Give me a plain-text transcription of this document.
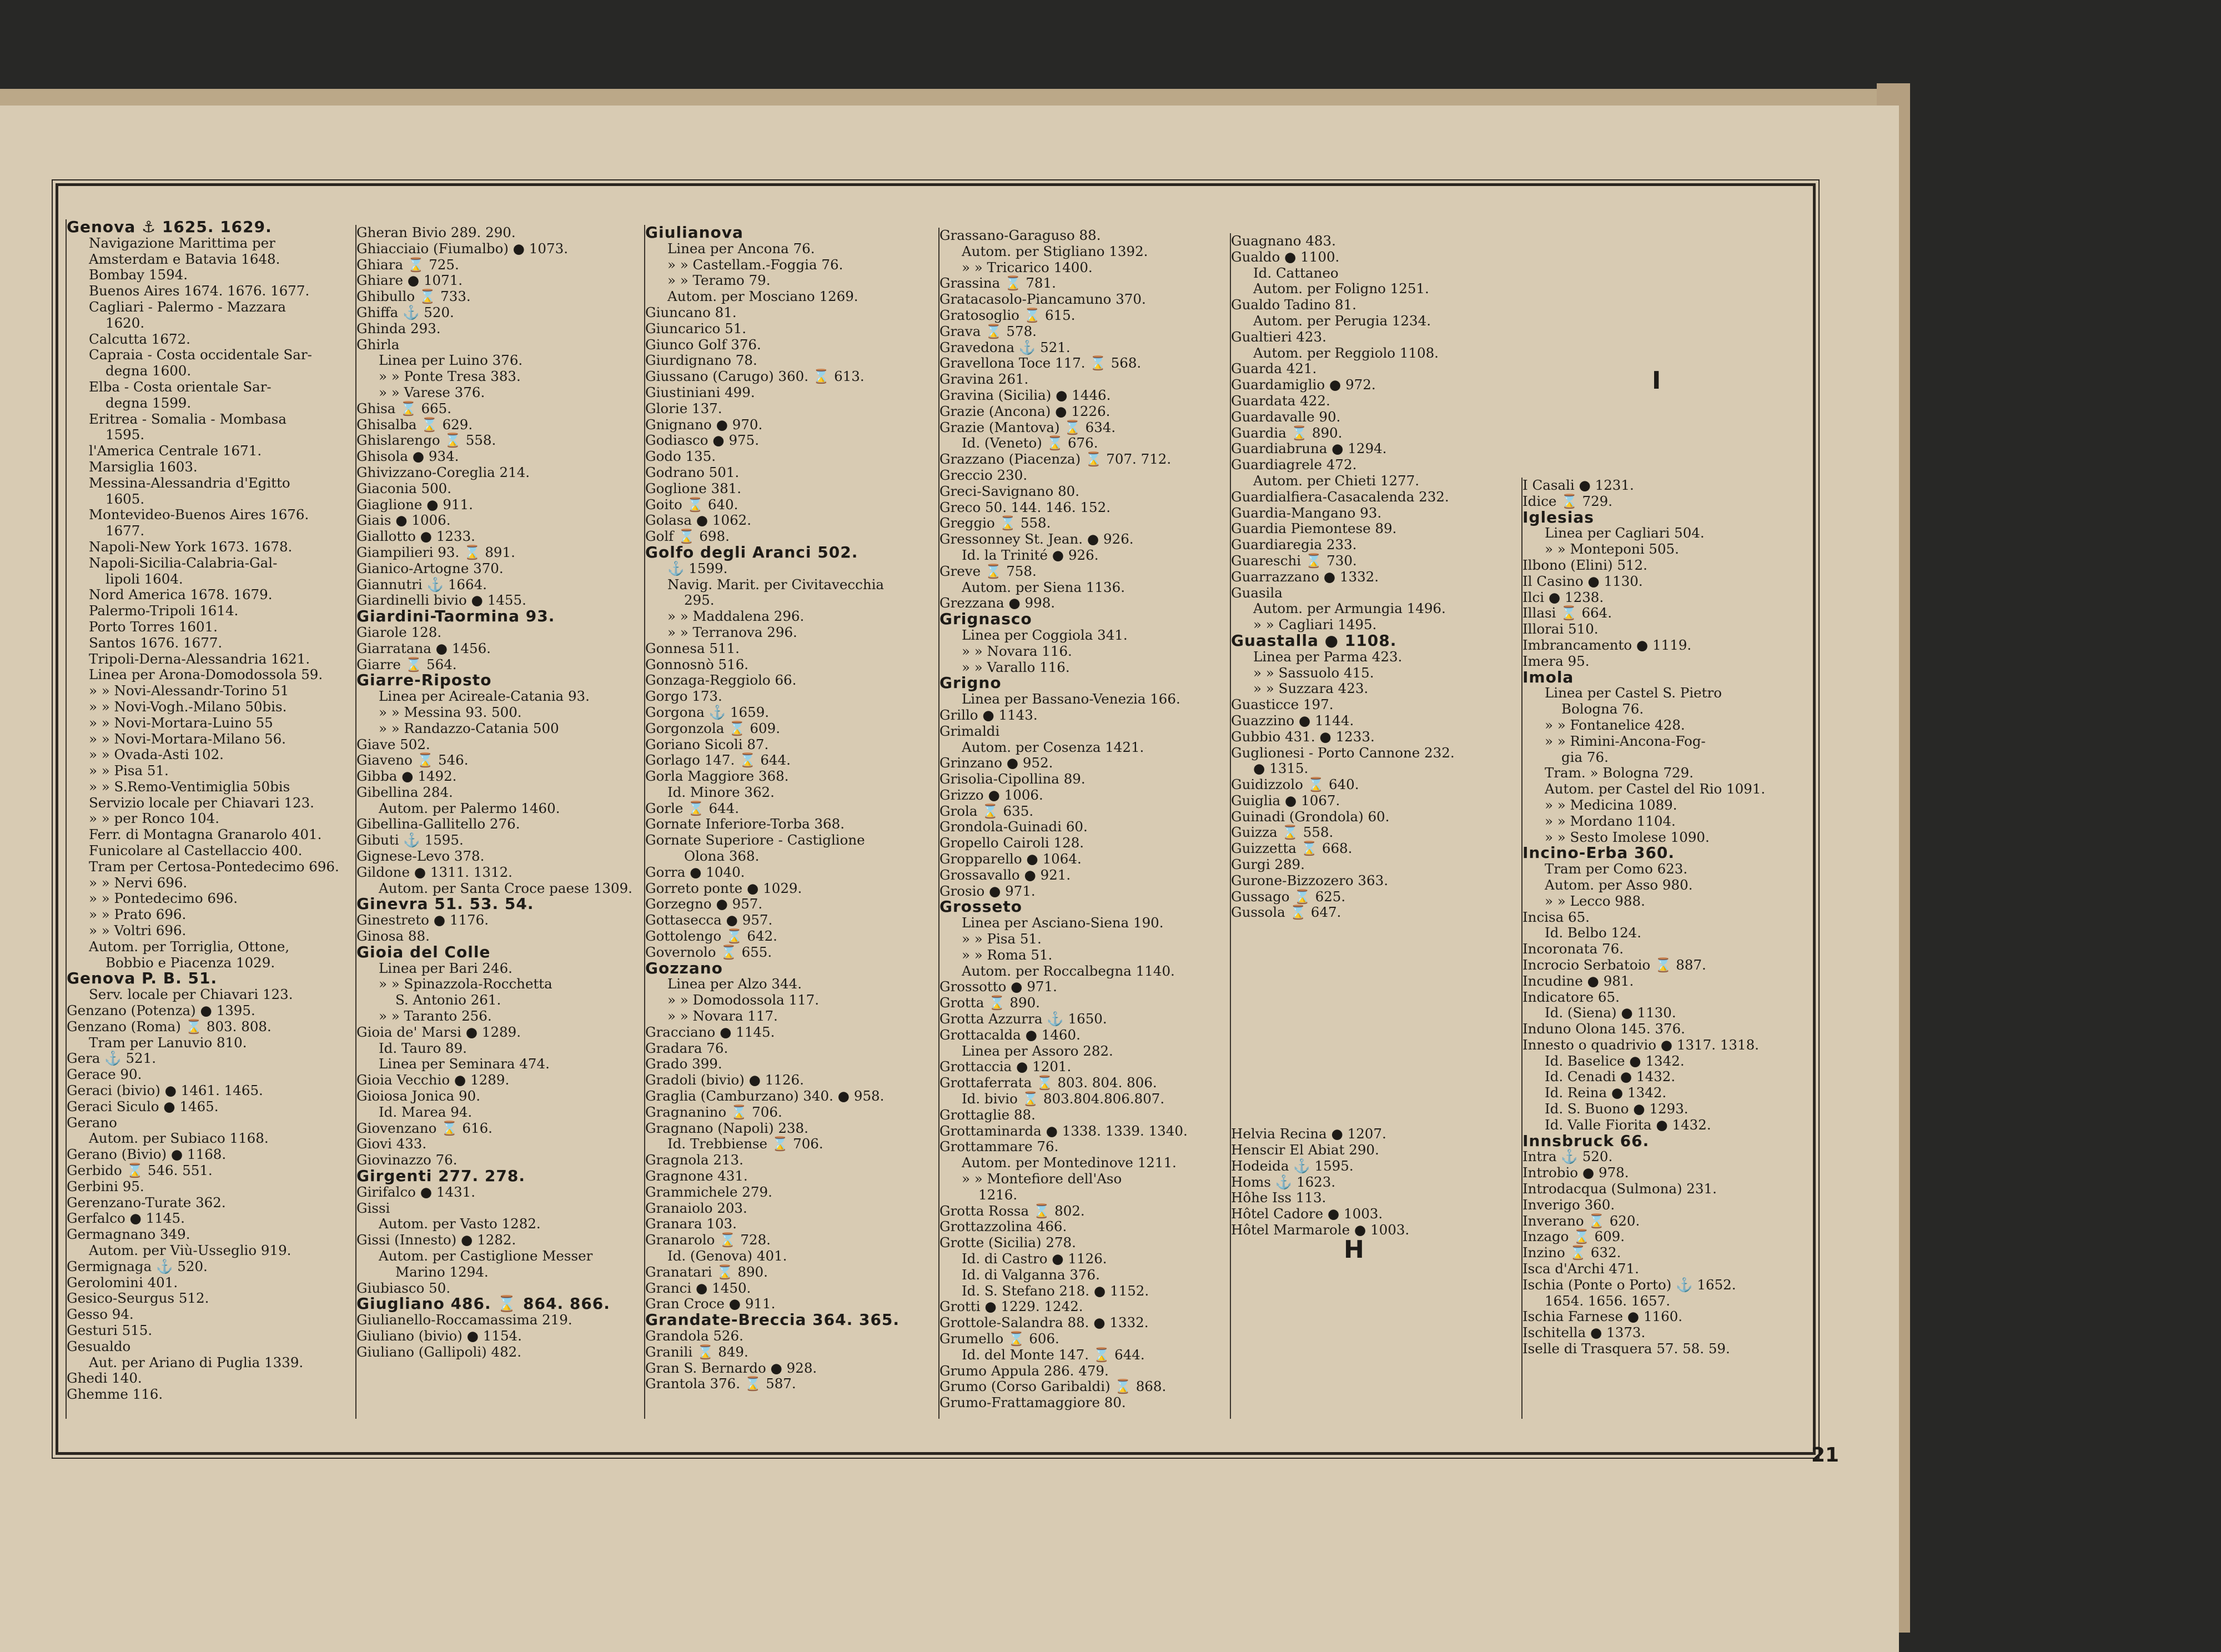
Genova ⚓ 1625. 1629.
Navigazione Marittima per
Amsterdam e Batavia 1648.
Bombay 1594.
Buenos Aires 1674. 1676. 1677.
Cagliari - Palermo - Mazzara
1620.
Calcutta 1672.
Capraia - Costa occidentale Sar-
degna 1600.
Elba - Costa orientale Sar-
degna 1599.
Eritrea - Somalia - Mombasa
1595.
l'America Centrale 1671.
Marsiglia 1603.
Messina-Alessandria d'Egitto
1605.
Montevideo-Buenos Aires 1676.
1677.
Napoli-New York 1673. 1678.
Napoli-Sicilia-Calabria-Gal-
lipoli 1604.
Nord America 1678. 1679.
Palermo-Tripoli 1614.
Porto Torres 1601.
Santos 1676. 1677.
Tripoli-Derna-Alessandria 1621.
Linea per Arona-Domodossola 59.
» » Novi-Alessandr-Torino 51
» » Novi-Vogh.-Milano 50bis.
» » Novi-Mortara-Luino 55
» » Novi-Mortara-Milano 56.
» » Ovada-Asti 102.
» » Pisa 51.
» » S.Remo-Ventimiglia 50bis
Servizio locale per Chiavari 123.
» » per Ronco 104.
Ferr. di Montagna Granarolo 401.
Funicolare al Castellaccio 400.
Tram per Certosa-Pontedecimo 696.
» » Nervi 696.
» » Pontedecimo 696.
» » Prato 696.
» » Voltri 696.
Autom. per Torriglia, Ottone,
Bobbio e Piacenza 1029.
Genova P. B. 51.
Serv. locale per Chiavari 123.
Genzano (Potenza) ● 1395.
Genzano (Roma) ⌛ 803. 808.
Tram per Lanuvio 810.
Gera ⚓ 521.
Gerace 90.
Geraci (bivio) ● 1461. 1465.
Geraci Siculo ● 1465.
Gerano
Autom. per Subiaco 1168.
Gerano (Bivio) ● 1168.
Gerbido ⌛ 546. 551.
Gerbini 95.
Gerenzano-Turate 362.
Gerfalco ● 1145.
Germagnano 349.
Autom. per Viù-Usseglio 919.
Germignaga ⚓ 520.
Gerolomini 401.
Gesico-Seurgus 512.
Gesso 94.
Gesturi 515.
Gesualdo
Aut. per Ariano di Puglia 1339.
Ghedi 140.
Ghemme 116.
Gheran Bivio 289. 290.
Ghiacciaio (Fiumalbo) ● 1073.
Ghiara ⌛ 725.
Ghiare ● 1071.
Ghibullo ⌛ 733.
Ghiffa ⚓ 520.
Ghinda 293.
Ghirla
Linea per Luino 376.
» » Ponte Tresa 383.
» » Varese 376.
Ghisa ⌛ 665.
Ghisalba ⌛ 629.
Ghislarengo ⌛ 558.
Ghisola ● 934.
Ghivizzano-Coreglia 214.
Giaconia 500.
Giaglione ● 911.
Giais ● 1006.
Giallotto ● 1233.
Giampilieri 93. ⌛ 891.
Gianico-Artogne 370.
Giannutri ⚓ 1664.
Giardinelli bivio ● 1455.
Giardini-Taormina 93.
Giarole 128.
Giarratana ● 1456.
Giarre ⌛ 564.
Giarre-Riposto
Linea per Acireale-Catania 93.
» » Messina 93. 500.
» » Randazzo-Catania 500
Giave 502.
Giaveno ⌛ 546.
Gibba ● 1492.
Gibellina 284.
Autom. per Palermo 1460.
Gibellina-Gallitello 276.
Gibuti ⚓ 1595.
Gignese-Levo 378.
Gildone ● 1311. 1312.
Autom. per Santa Croce paese 1309.
Ginevra 51. 53. 54.
Ginestreto ● 1176.
Ginosa 88.
Gioia del Colle
Linea per Bari 246.
» » Spinazzola-Rocchetta
S. Antonio 261.
» » Taranto 256.
Gioia de' Marsi ● 1289.
Id. Tauro 89.
Linea per Seminara 474.
Gioia Vecchio ● 1289.
Gioiosa Jonica 90.
Id. Marea 94.
Giovenzano ⌛ 616.
Giovi 433.
Giovinazzo 76.
Girgenti 277. 278.
Girifalco ● 1431.
Gissi
Autom. per Vasto 1282.
Gissi (Innesto) ● 1282.
Autom. per Castiglione Messer
Marino 1294.
Giubiasco 50.
Giugliano 486. ⌛ 864. 866.
Giulianello-Roccamassima 219.
Giuliano (bivio) ● 1154.
Giuliano (Gallipoli) 482.
Giulianova
Linea per Ancona 76.
» » Castellam.-Foggia 76.
» » Teramo 79.
Autom. per Mosciano 1269.
Giuncano 81.
Giuncarico 51.
Giunco Golf 376.
Giurdignano 78.
Giussano (Carugo) 360. ⌛ 613.
Giustiniani 499.
Glorie 137.
Gnignano ● 970.
Godiasco ● 975.
Godo 135.
Godrano 501.
Goglione 381.
Goito ⌛ 640.
Golasa ● 1062.
Golf ⌛ 698.
Golfo degli Aranci 502.
⚓ 1599.
Navig. Marit. per Civitavecchia
295.
» » Maddalena 296.
» » Terranova 296.
Gonnesa 511.
Gonnosnò 516.
Gonzaga-Reggiolo 66.
Gorgo 173.
Gorgona ⚓ 1659.
Gorgonzola ⌛ 609.
Goriano Sicoli 87.
Gorlago 147. ⌛ 644.
Gorla Maggiore 368.
Id. Minore 362.
Gorle ⌛ 644.
Gornate Inferiore-Torba 368.
Gornate Superiore - Castiglione
Olona 368.
Gorra ● 1040.
Gorreto ponte ● 1029.
Gorzegno ● 957.
Gottasecca ● 957.
Gottolengo ⌛ 642.
Governolo ⌛ 655.
Gozzano
Linea per Alzo 344.
» » Domodossola 117.
» » Novara 117.
Gracciano ● 1145.
Gradara 76.
Grado 399.
Gradoli (bivio) ● 1126.
Graglia (Camburzano) 340. ● 958.
Gragnanino ⌛ 706.
Gragnano (Napoli) 238.
Id. Trebbiense ⌛ 706.
Gragnola 213.
Gragnone 431.
Grammichele 279.
Granaiolo 203.
Granara 103.
Granarolo ⌛ 728.
Id. (Genova) 401.
Granatari ⌛ 890.
Granci ● 1450.
Gran Croce ● 911.
Grandate-Breccia 364. 365.
Grandola 526.
Granili ⌛ 849.
Gran S. Bernardo ● 928.
Grantola 376. ⌛ 587.
Grassano-Garaguso 88.
Autom. per Stigliano 1392.
» » Tricarico 1400.
Grassina ⌛ 781.
Gratacasolo-Piancamuno 370.
Gratosoglio ⌛ 615.
Grava ⌛ 578.
Gravedona ⚓ 521.
Gravellona Toce 117. ⌛ 568.
Gravina 261.
Gravina (Sicilia) ● 1446.
Grazie (Ancona) ● 1226.
Grazie (Mantova) ⌛ 634.
Id. (Veneto) ⌛ 676.
Grazzano (Piacenza) ⌛ 707. 712.
Greccio 230.
Greci-Savignano 80.
Greco 50. 144. 146. 152.
Greggio ⌛ 558.
Gressonney St. Jean. ● 926.
Id. la Trinité ● 926.
Greve ⌛ 758.
Autom. per Siena 1136.
Grezzana ● 998.
Grignasco
Linea per Coggiola 341.
» » Novara 116.
» » Varallo 116.
Grigno
Linea per Bassano-Venezia 166.
Grillo ● 1143.
Grimaldi
Autom. per Cosenza 1421.
Grinzano ● 952.
Grisolia-Cipollina 89.
Grizzo ● 1006.
Grola ⌛ 635.
Grondola-Guinadi 60.
Gropello Cairoli 128.
Gropparello ● 1064.
Grossavallo ● 921.
Grosio ● 971.
Grosseto
Linea per Asciano-Siena 190.
» » Pisa 51.
» » Roma 51.
Autom. per Roccalbegna 1140.
Grossotto ● 971.
Grotta ⌛ 890.
Grotta Azzurra ⚓ 1650.
Grottacalda ● 1460.
Linea per Assoro 282.
Grottaccia ● 1201.
Grottaferrata ⌛ 803. 804. 806.
Id. bivio ⌛ 803.804.806.807.
Grottaglie 88.
Grottaminarda ● 1338. 1339. 1340.
Grottammare 76.
Autom. per Montedinove 1211.
» » Montefiore dell'Aso
1216.
Grotta Rossa ⌛ 802.
Grottazzolina 466.
Grotte (Sicilia) 278.
Id. di Castro ● 1126.
Id. di Valganna 376.
Id. S. Stefano 218. ● 1152.
Grotti ● 1229. 1242.
Grottole-Salandra 88. ● 1332.
Grumello ⌛ 606.
Id. del Monte 147. ⌛ 644.
Grumo Appula 286. 479.
Grumo (Corso Garibaldi) ⌛ 868.
Grumo-Frattamaggiore 80.
Guagnano 483.
Gualdo ● 1100.
Id. Cattaneo
Autom. per Foligno 1251.
Gualdo Tadino 81.
Autom. per Perugia 1234.
Gualtieri 423.
Autom. per Reggiolo 1108.
Guarda 421.
Guardamiglio ● 972.
Guardata 422.
Guardavalle 90.
Guardia ⌛ 890.
Guardiabruna ● 1294.
Guardiagrele 472.
Autom. per Chieti 1277.
Guardialfiera-Casacalenda 232.
Guardia-Mangano 93.
Guardia Piemontese 89.
Guardiaregia 233.
Guareschi ⌛ 730.
Guarrazzano ● 1332.
Guasila
Autom. per Armungia 1496.
» » Cagliari 1495.
Guastalla ● 1108.
Linea per Parma 423.
» » Sassuolo 415.
» » Suzzara 423.
Guasticce 197.
Guazzino ● 1144.
Gubbio 431. ● 1233.
Guglionesi - Porto Cannone 232.
● 1315.
Guidizzolo ⌛ 640.
Guiglia ● 1067.
Guinadi (Grondola) 60.
Guizza ⌛ 558.
Guizzetta ⌛ 668.
Gurgi 289.
Gurone-Bizzozero 363.
Gussago ⌛ 625.
Gussola ⌛ 647.
Helvia Recina ● 1207.
Henscir El Abiat 290.
Hodeida ⚓ 1595.
Homs ⚓ 1623.
Hôhe Iss 113.
Hôtel Cadore ● 1003.
Hôtel Marmarole ● 1003.
I Casali ● 1231.
Idice ⌛ 729.
Iglesias
Linea per Cagliari 504.
» » Monteponi 505.
Ilbono (Elini) 512.
Il Casino ● 1130.
Ilci ● 1238.
Illasi ⌛ 664.
Illorai 510.
Imbrancamento ● 1119.
Imera 95.
Imola
Linea per Castel S. Pietro
Bologna 76.
» » Fontanelice 428.
» » Rimini-Ancona-Fog-
gia 76.
Tram. » Bologna 729.
Autom. per Castel del Rio 1091.
» » Medicina 1089.
» » Mordano 1104.
» » Sesto Imolese 1090.
Incino-Erba 360.
Tram per Como 623.
Autom. per Asso 980.
» » Lecco 988.
Incisa 65.
Id. Belbo 124.
Incoronata 76.
Incrocio Serbatoio ⌛ 887.
Incudine ● 981.
Indicatore 65.
Id. (Siena) ● 1130.
Induno Olona 145. 376.
Innesto o quadrivio ● 1317. 1318.
Id. Baselice ● 1342.
Id. Cenadi ● 1432.
Id. Reina ● 1342.
Id. S. Buono ● 1293.
Id. Valle Fiorita ● 1432.
Innsbruck 66.
Intra ⚓ 520.
Introbio ● 978.
Introdacqua (Sulmona) 231.
Inverigo 360.
Inverano ⌛ 620.
Inzago ⌛ 609.
Inzino ⌛ 632.
Isca d'Archi 471.
Ischia (Ponte o Porto) ⚓ 1652.
1654. 1656. 1657.
Ischia Farnese ● 1160.
Ischitella ● 1373.
Iselle di Trasquera 57. 58. 59.
H
I
21
